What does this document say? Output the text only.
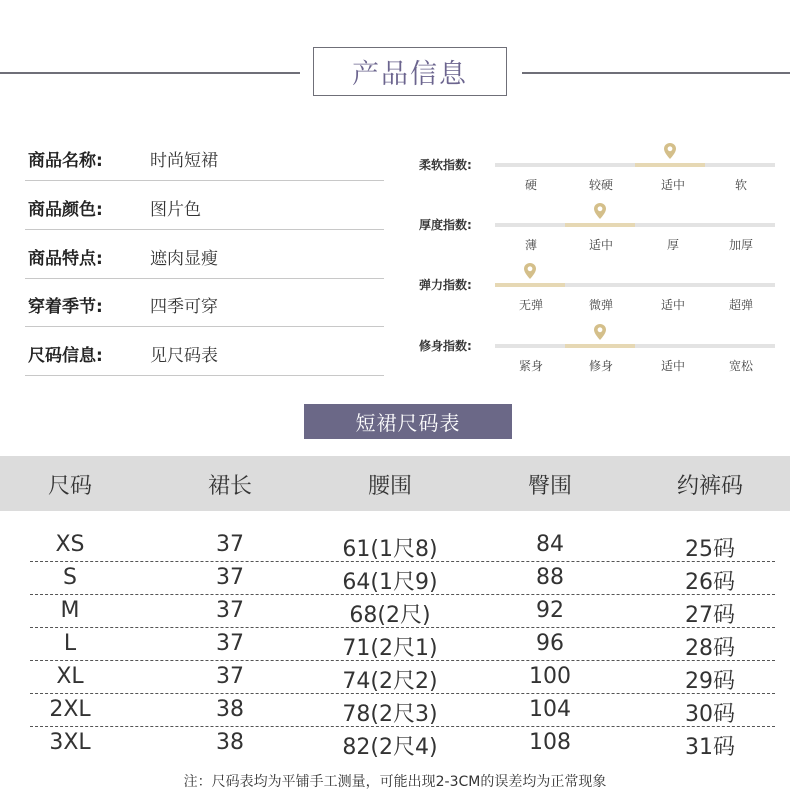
产品信息
商品名称:	时尚短裙
商品颜色:	图片色
商品特点:	遮肉显瘦
穿着季节:	四季可穿
尺码信息:	见尺码表
柔软指数:
硬	较硬	适中	软
厚度指数:
薄	适中	厚	加厚
弹力指数:
无弹	微弹	适中	超弹
修身指数:
紧身	修身	适中	宽松
短裙尺码表
尺码	裙长	腰围	臀围	约裤码
XS	37	61(1尺8)	84	25码
S	37	64(1尺9)	88	26码
M	37	68(2尺)	92	27码
L	37	71(2尺1)	96	28码
XL	37	74(2尺2)	100	29码
2XL	38	78(2尺3)	104	30码
3XL	38	82(2尺4)	108	31码
注：尺码表均为平铺手工测量，可能出现2-3CM的误差均为正常现象
